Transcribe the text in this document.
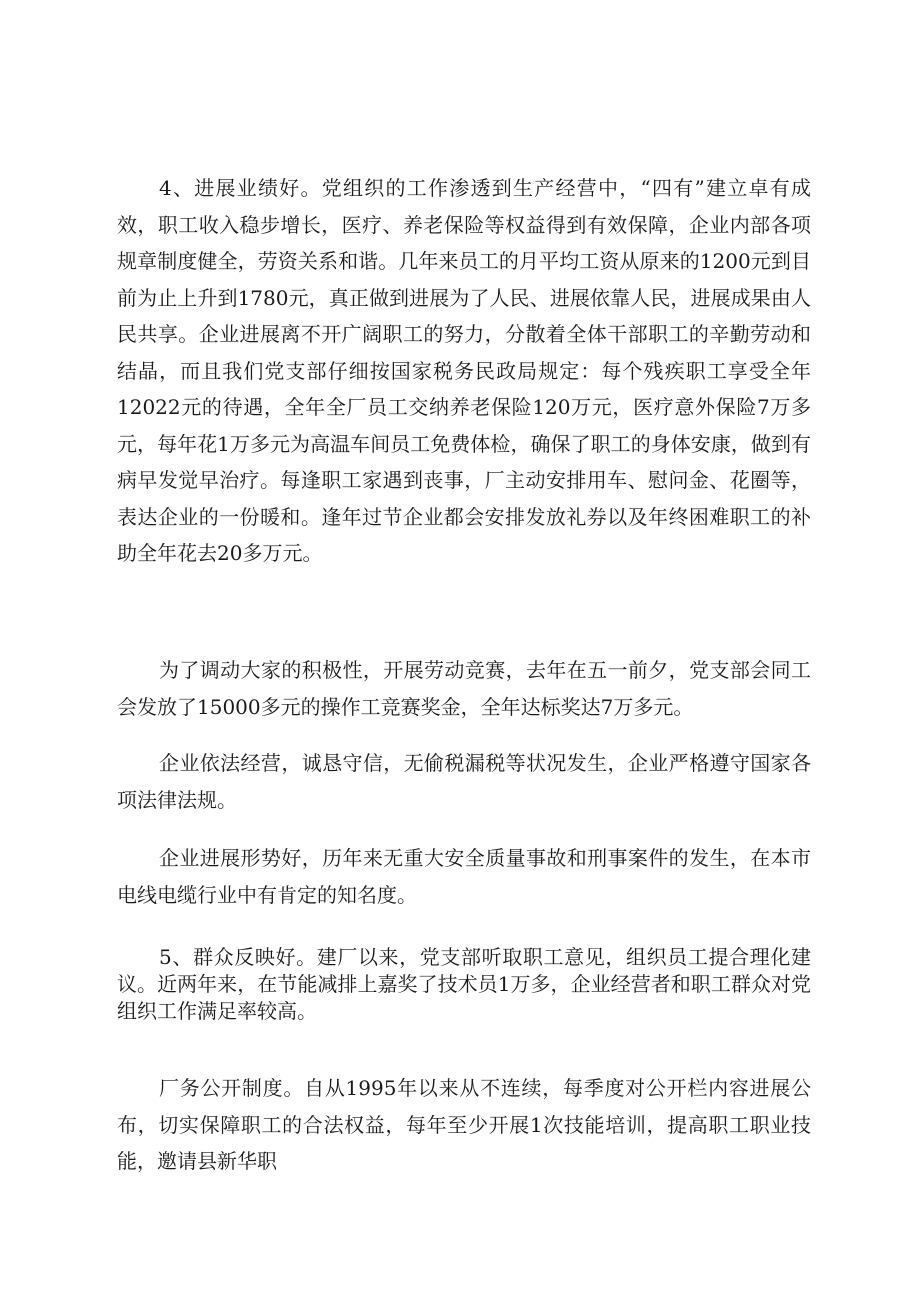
4、进展业绩好。党组织的工作渗透到生产经营中，“四有”建立卓有成效，职工收入稳步增长，医疗、养老保险等权益得到有效保障，企业内部各项规章制度健全，劳资关系和谐。几年来员工的月平均工资从原来的1200元到目前为止上升到1780元，真正做到进展为了人民、进展依靠人民，进展成果由人民共享。企业进展离不开广阔职工的努力，分散着全体干部职工的辛勤劳动和结晶，而且我们党支部仔细按国家税务民政局规定：每个残疾职工享受全年12022元的待遇，全年全厂员工交纳养老保险120万元，医疗意外保险7万多元，每年花1万多元为高温车间员工免费体检，确保了职工的身体安康，做到有病早发觉早治疗。每逢职工家遇到丧事，厂主动安排用车、慰问金、花圈等，表达企业的一份暖和。逢年过节企业都会安排发放礼券以及年终困难职工的补助全年花去20多万元。

为了调动大家的积极性，开展劳动竞赛，去年在五一前夕，党支部会同工会发放了15000多元的操作工竞赛奖金，全年达标奖达7万多元。

企业依法经营，诚恳守信，无偷税漏税等状况发生，企业严格遵守国家各项法律法规。

企业进展形势好，历年来无重大安全质量事故和刑事案件的发生，在本市电线电缆行业中有肯定的知名度。

5、群众反映好。建厂以来，党支部听取职工意见，组织员工提合理化建议。近两年来，在节能减排上嘉奖了技术员1万多，企业经营者和职工群众对党组织工作满足率较高。

厂务公开制度。自从1995年以来从不连续，每季度对公开栏内容进展公布，切实保障职工的合法权益，每年至少开展1次技能培训，提高职工职业技能，邀请县新华职
